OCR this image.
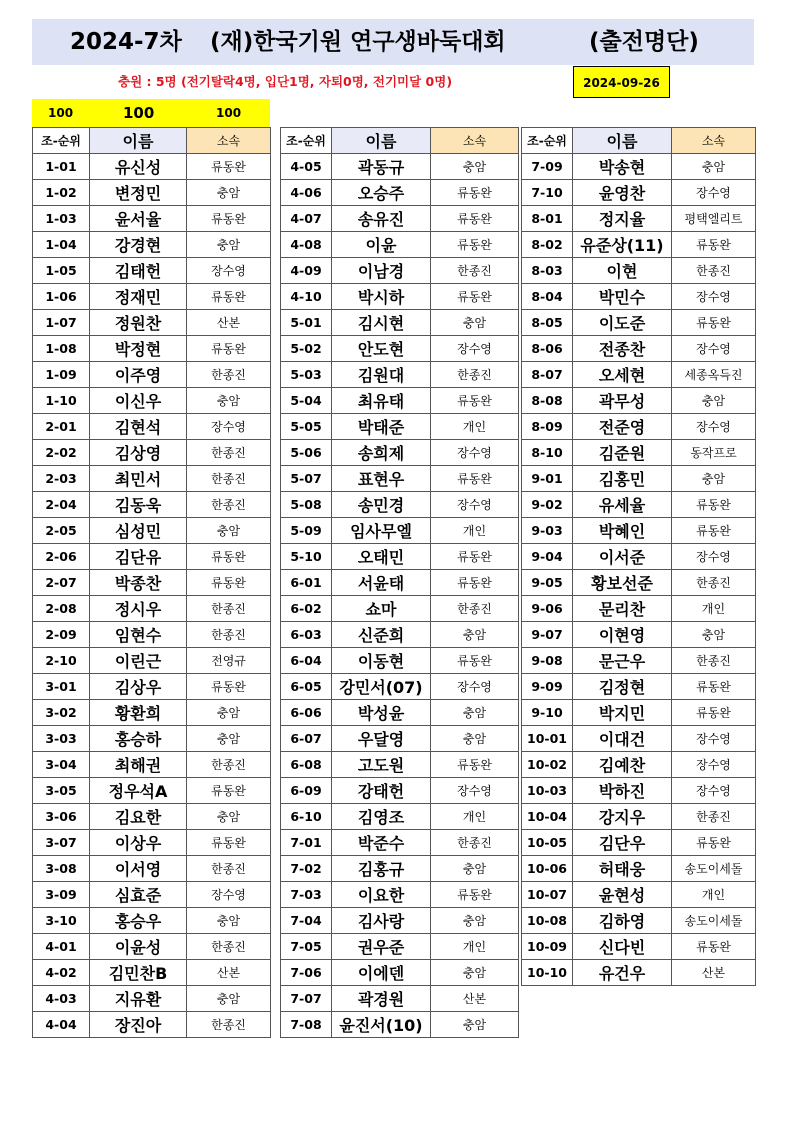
2024-7차 (재)한국기원 연구생바둑대회	(출전명단)
충원 : 5명 (전기탈락4명, 입단1명, 자퇴0명, 전기미달 0명)	2024-09-26
100	100	100
조-순위	이름	소속
1-01	유신성	류동완
1-02	변정민	충암
1-03	윤서율	류동완
1-04	강경현	충암
1-05	김태헌	장수영
1-06	정재민	류동완
1-07	정원찬	산본
1-08	박정현	류동완
1-09	이주영	한종진
1-10	이신우	충암
2-01	김현석	장수영
2-02	김상영	한종진
2-03	최민서	한종진
2-04	김동욱	한종진
2-05	심성민	충암
2-06	김단유	류동완
2-07	박종찬	류동완
2-08	정시우	한종진
2-09	임현수	한종진
2-10	이린근	전영규
3-01	김상우	류동완
3-02	황환희	충암
3-03	홍승하	충암
3-04	최해권	한종진
3-05	정우석A	류동완
3-06	김요한	충암
3-07	이상우	류동완
3-08	이서영	한종진
3-09	심효준	장수영
3-10	홍승우	충암
4-01	이윤성	한종진
4-02	김민찬B	산본
4-03	지유환	충암
4-04	장진아	한종진
조-순위	이름	소속
4-05	곽동규	충암
4-06	오승주	류동완
4-07	송유진	류동완
4-08	이윤	류동완
4-09	이남경	한종진
4-10	박시하	류동완
5-01	김시현	충암
5-02	안도현	장수영
5-03	김원대	한종진
5-04	최유태	류동완
5-05	박태준	개인
5-06	송희제	장수영
5-07	표현우	류동완
5-08	송민경	장수영
5-09	임사무엘	개인
5-10	오태민	류동완
6-01	서윤태	류동완
6-02	쇼마	한종진
6-03	신준희	충암
6-04	이동현	류동완
6-05	강민서(07)	장수영
6-06	박성윤	충암
6-07	우달영	충암
6-08	고도원	류동완
6-09	강태헌	장수영
6-10	김영조	개인
7-01	박준수	한종진
7-02	김홍규	충암
7-03	이요한	류동완
7-04	김사랑	충암
7-05	권우준	개인
7-06	이에덴	충암
7-07	곽경원	산본
7-08	윤진서(10)	충암
조-순위	이름	소속
7-09	박송현	충암
7-10	윤영찬	장수영
8-01	정지율	평택엘리트
8-02	유준상(11)	류동완
8-03	이현	한종진
8-04	박민수	장수영
8-05	이도준	류동완
8-06	전종찬	장수영
8-07	오세현	세종옥득진
8-08	곽무성	충암
8-09	전준영	장수영
8-10	김준원	동작프로
9-01	김홍민	충암
9-02	유세율	류동완
9-03	박혜인	류동완
9-04	이서준	장수영
9-05	황보선준	한종진
9-06	문리찬	개인
9-07	이현영	충암
9-08	문근우	한종진
9-09	김정현	류동완
9-10	박지민	류동완
10-01	이대건	장수영
10-02	김예찬	장수영
10-03	박하진	장수영
10-04	강지우	한종진
10-05	김단우	류동완
10-06	허태웅	송도이세돌
10-07	윤현성	개인
10-08	김하영	송도이세돌
10-09	신다빈	류동완
10-10	유건우	산본
